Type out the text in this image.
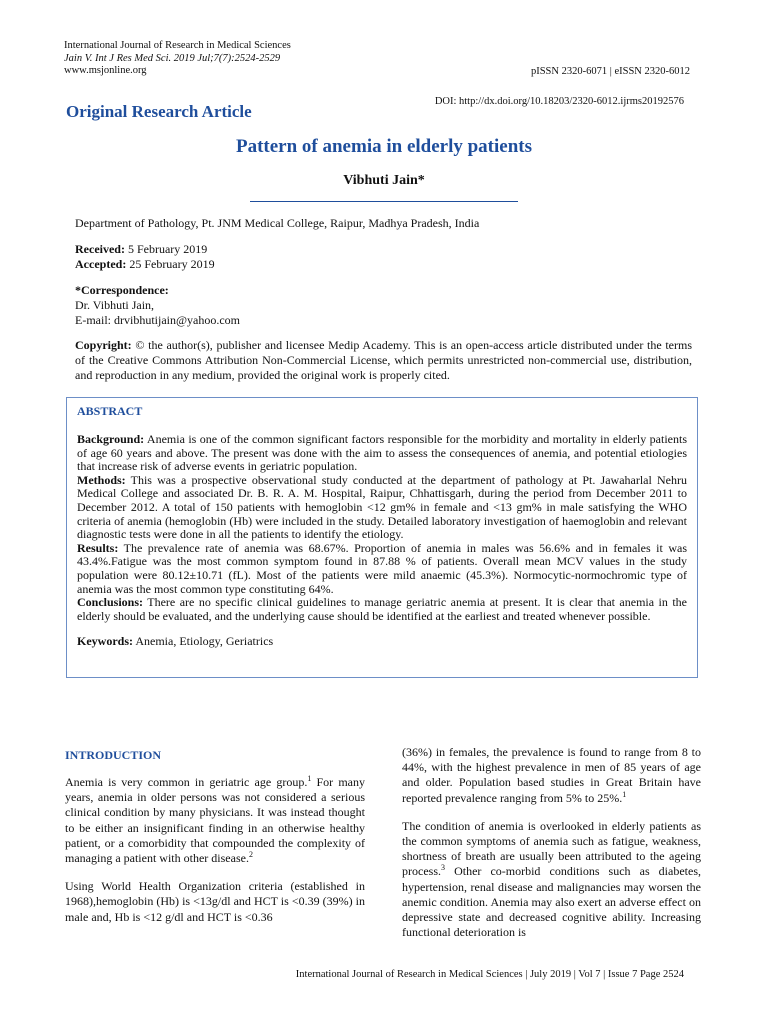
International Journal of Research in Medical Sciences
Jain V. Int J Res Med Sci. 2019 Jul;7(7):2524-2529
www.msjonline.org	pISSN 2320-6071 | eISSN 2320-6012
DOI: http://dx.doi.org/10.18203/2320-6012.ijrms20192576
Original Research Article
Pattern of anemia in elderly patients
Vibhuti Jain*
Department of Pathology, Pt. JNM Medical College, Raipur, Madhya Pradesh, India
Received: 5 February 2019
Accepted: 25 February 2019
*Correspondence:
Dr. Vibhuti Jain,
E-mail: drvibhutijain@yahoo.com
Copyright: © the author(s), publisher and licensee Medip Academy. This is an open-access article distributed under the terms of the Creative Commons Attribution Non-Commercial License, which permits unrestricted non-commercial use, distribution, and reproduction in any medium, provided the original work is properly cited.
ABSTRACT

Background: Anemia is one of the common significant factors responsible for the morbidity and mortality in elderly patients of age 60 years and above. The present was done with the aim to assess the consequences of anemia, and potential etiologies that increase risk of adverse events in geriatric population.

Methods: This was a prospective observational study conducted at the department of pathology at Pt. Jawaharlal Nehru Medical College and associated Dr. B. R. A. M. Hospital, Raipur, Chhattisgarh, during the period from December 2011 to December 2012. A total of 150 patients with hemoglobin <12 gm% in female and <13 gm% in male satisfying the WHO criteria of anemia (hemoglobin (Hb) were included in the study. Detailed laboratory investigation of haemoglobin and relevant diagnostic tests were done in all the patients to identify the etiology.

Results: The prevalence rate of anemia was 68.67%. Proportion of anemia in males was 56.6% and in females it was 43.4%.Fatigue was the most common symptom found in 87.88 % of patients. Overall mean MCV values in the study population were 80.12±10.71 (fL). Most of the patients were mild anaemic (45.3%). Normocytic-normochromic type of anemia was the most common type constituting 64%.

Conclusions: There are no specific clinical guidelines to manage geriatric anemia at present. It is clear that anemia in the elderly should be evaluated, and the underlying cause should be identified at the earliest and treated whenever possible.

Keywords: Anemia, Etiology, Geriatrics

INTRODUCTION

Anemia is very common in geriatric age group.$^1$ For many years, anemia in older persons was not considered a serious clinical condition by many physicians. It was instead thought to be either an insignificant finding in an otherwise healthy patient, or a comorbidity that compounded the complexity of managing a patient with other disease.$^2$

Using World Health Organization criteria (established in 1968),hemoglobin (Hb) is <13g/dl and HCT is <0.39 (39%) in male and, Hb is <12 g/dl and HCT is <0.36

(36%) in females, the prevalence is found to range from 8 to 44%, with the highest prevalence in men of 85 years of age and older. Population based studies in Great Britain have reported prevalence ranging from 5% to 25%.$^1$

The condition of anemia is overlooked in elderly patients as the common symptoms of anemia such as fatigue, weakness, shortness of breath are usually been attributed to the ageing process.$^3$ Other co-morbid conditions such as diabetes, hypertension, renal disease and malignancies may worsen the anemic condition. Anemia may also exert an adverse effect on depressive state and decreased cognitive ability. Increasing functional deterioration is

International Journal of Research in Medical Sciences | July 2019 | Vol 7 | Issue 7 Page 2524
